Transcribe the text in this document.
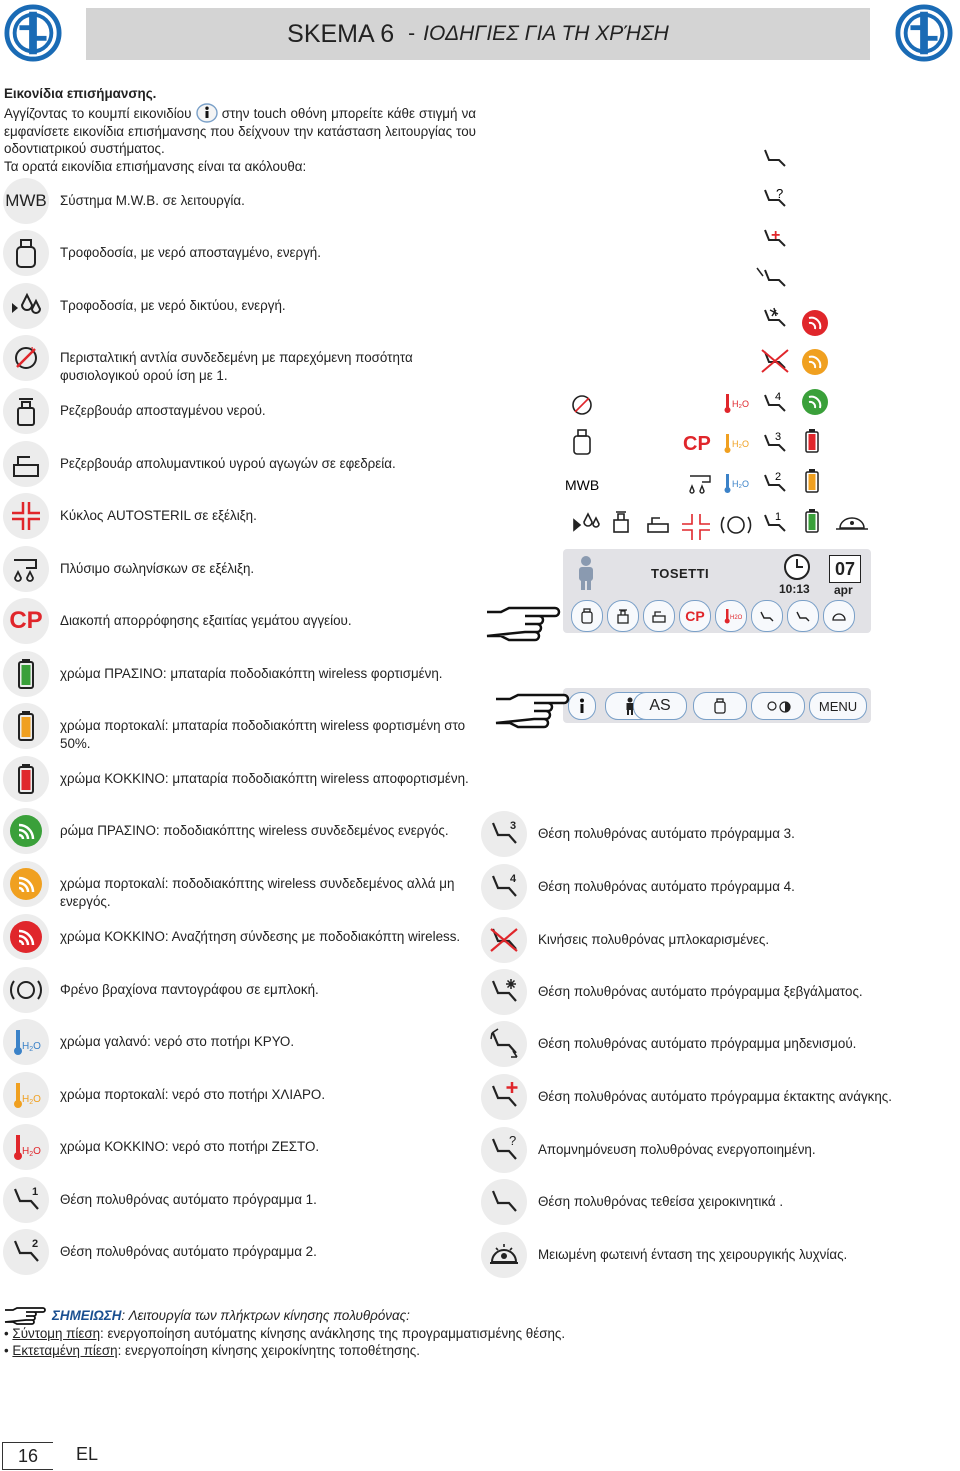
SKEMA 6 - ΙΟΔΗΓΙΕΣ ΓΙΑ ΤΗ ΧΡΉΣΗ
Εικονίδια επισήμανσης.
Αγγίζοντας το κουμπί εικονιδίου στην touch οθόνη μπορείτε κάθε στιγμή να εμφανίσετε εικονίδια επισήμανσης που δείχνουν την κατάσταση λειτουργίας του οδοντιατρικού συστήματος.
Τα ορατά εικονίδια επισήμανσης είναι τα ακόλουθα:
MWB Σύστημα M.W.B. σε λειτουργία.
Τροφοδοσία, με νερό αποσταγμένο, ενεργή.
Τροφοδοσία, με νερό δικτύου, ενεργή.
1 Περισταλτική αντλία συνδεδεμένη με παρεχόμενη ποσότητα φυσιολογικού ορού ίση με 1.
Ρεζερβουάρ αποσταγμένου νερού.
Ρεζερβουάρ απολυμαντικού υγρού αγωγών σε εφεδρεία.
Κύκλος AUTOSTERIL σε εξέλιξη.
Πλύσιμο σωληνίσκων σε εξέλιξη.
CP Διακοπή απορρόφησης εξαιτίας γεμάτου αγγείου.
χρώμα ΠΡΑΣΙΝΟ: μπαταρία ποδοδιακόπτη wireless φορτισμένη.
χρώμα πορτοκαλί: μπαταρία ποδοδιακόπτη wireless φορτισμένη στο 50%.
χρώμα ΚΟΚΚΙΝΟ: μπαταρία ποδοδιακόπτη wireless αποφορτισμένη.
ρώμα ΠΡΑΣΙΝΟ: ποδοδιακόπτης wireless συνδεδεμένος ενεργός.
χρώμα πορτοκαλί: ποδοδιακόπτης wireless συνδεδεμένος αλλά μη ενεργός.
χρώμα ΚΟΚΚΙΝΟ: Αναζήτηση σύνδεσης με ποδοδιακόπτη wireless.
Φρένο βραχίονα παντογράφου σε εμπλοκή.
$H_2O$ χρώμα γαλανό: νερό στο ποτήρι ΚΡΥΟ.
$H_2O$ χρώμα πορτοκαλί: νερό στο ποτήρι ΧΛΙΑΡΟ.
$H_2O$ χρώμα ΚΟΚΚΙΝΟ: νερό στο ποτήρι ΖΕΣΤΟ.
1 Θέση πολυθρόνας αυτόματο πρόγραμμα 1.
2 Θέση πολυθρόνας αυτόματο πρόγραμμα 2.
3 Θέση πολυθρόνας αυτόματο πρόγραμμα 3.
4 Θέση πολυθρόνας αυτόματο πρόγραμμα 4.
Κινήσεις πολυθρόνας μπλοκαρισμένες.
Θέση πολυθρόνας αυτόματο πρόγραμμα ξεβγάλματος.
Θέση πολυθρόνας αυτόματο πρόγραμμα μηδενισμού.
Θέση πολυθρόνας αυτόματο πρόγραμμα έκτακτης ανάγκης.
?
Απομνημόνευση πολυθρόνας ενεργοποιημένη.
Θέση πολυθρόνας τεθείσα χειροκινητικά .
Μειωμένη φωτεινή ένταση της χειρουργικής λυχνίας.
?
+
4
3
2
1
H₂O
H₂O
H₂O
CP
MWB
TOSETTI
10:13
07
apr
CP	H2O
AS	MENU
ΣΗΜΕΙΩΣΗ: Λειτουργία των πλήκτρων κίνησης πολυθρόνας:
• Σύντομη πίεση: ενεργοποίηση αυτόματης κίνησης ανάκλησης της προγραμματισμένης θέσης.
• Εκτεταμένη πίεση: ενεργοποίηση κίνησης χειροκίνητης τοποθέτησης.
16	EL
